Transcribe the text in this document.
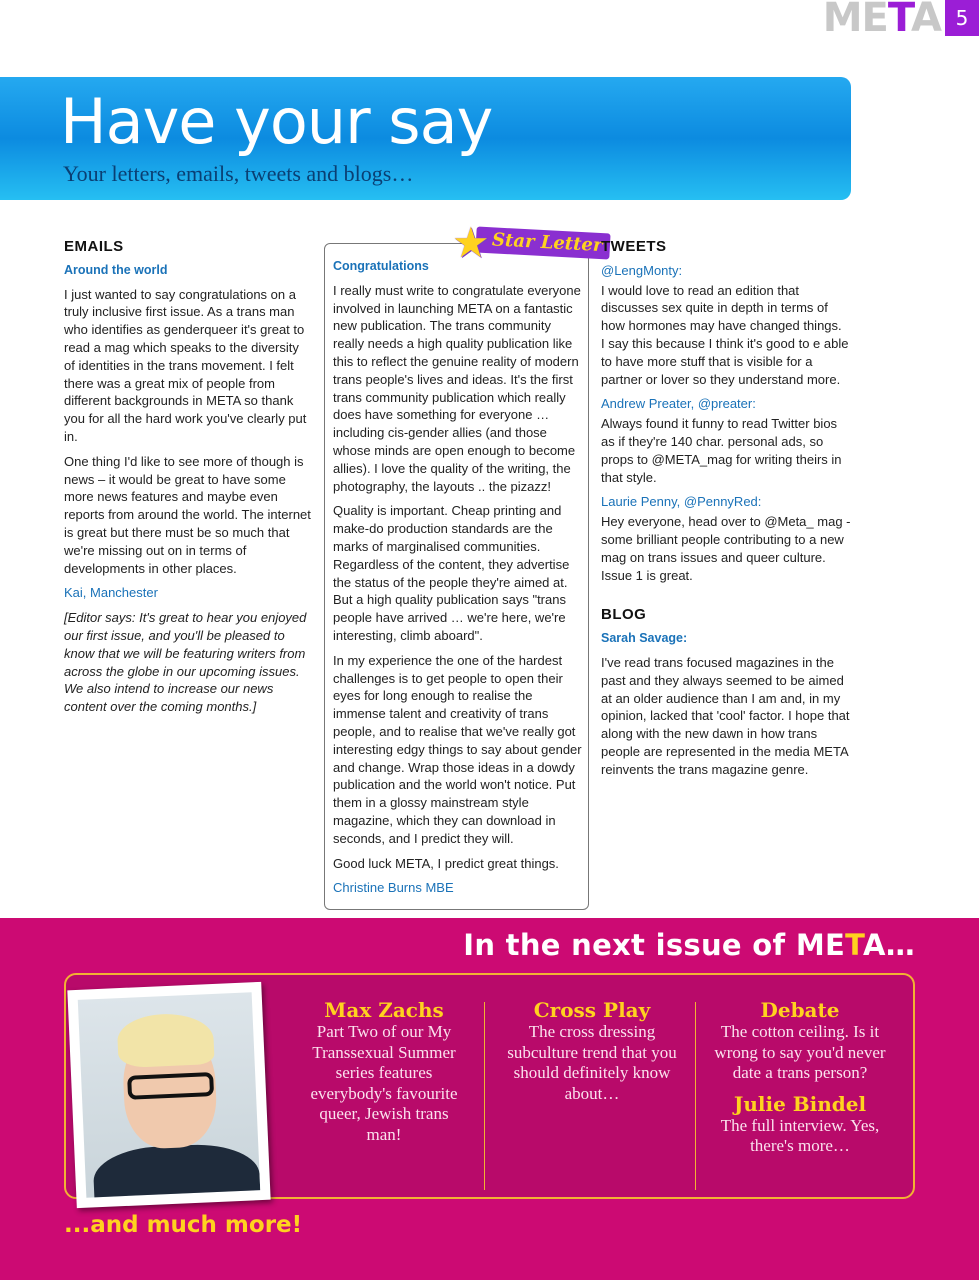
META 5
Have your say

Your letters, emails, tweets and blogs…

EMAILS
Around the world

I just wanted to say congratulations on a truly inclusive first issue. As a trans man who identifies as genderqueer it's great to read a mag which speaks to the diversity of identities in the trans movement. I felt there was a great mix of people from different backgrounds in META so thank you for all the hard work you've clearly put in.

One thing I'd like to see more of though is news – it would be great to have some more news features and maybe even reports from around the world. The internet is great but there must be so much that we're missing out on in terms of developments in other places.

Kai, Manchester

[Editor says: It's great to hear you enjoyed our first issue, and you'll be pleased to know that we will be featuring writers from across the globe in our upcoming issues. We also intend to increase our news content over the coming months.]

★ Star Letter
Congratulations

I really must write to congratulate everyone involved in launching META on a fantastic new publication. The trans community really needs a high quality publication like this to reflect the genuine reality of modern trans people's lives and ideas. It's the first trans community publication which really does have something for everyone … including cis-gender allies (and those whose minds are open enough to become allies). I love the quality of the writing, the photography, the layouts .. the pizazz!

Quality is important. Cheap printing and make-do production standards are the marks of marginalised communities. Regardless of the content, they advertise the status of the people they're aimed at. But a high quality publication says "trans people have arrived … we're here, we're interesting, climb aboard".

In my experience the one of the hardest challenges is to get people to open their eyes for long enough to realise the immense talent and creativity of trans people, and to realise that we've really got interesting edgy things to say about gender and change. Wrap those ideas in a dowdy publication and the world won't notice. Put them in a glossy mainstream style magazine, which they can download in seconds, and I predict they will.

Good luck META, I predict great things.

Christine Burns MBE

TWEETS
@LengMonty:

I would love to read an edition that discusses sex quite in depth in terms of how hormones may have changed things.

I say this because I think it's good to e able to have more stuff that is visible for a partner or lover so they understand more.

Andrew Preater, @preater:

Always found it funny to read Twitter bios as if they're 140 char. personal ads, so props to @META_mag for writing theirs in that style.

Laurie Penny, @PennyRed:

Hey everyone, head over to @Meta_ mag - some brilliant people contributing to a new mag on trans issues and queer culture. Issue 1 is great.

BLOG
Sarah Savage:

I've read trans focused magazines in the past and they always seemed to be aimed at an older audience than I am and, in my opinion, lacked that 'cool' factor. I hope that along with the new dawn in how trans people are represented in the media META reinvents the trans magazine genre.

In the next issue of META…
Max Zachs
Part Two of our My Transsexual Summer series features everybody's favourite queer, Jewish trans man!
Cross Play
The cross dressing subculture trend that you should definitely know about…
Debate
The cotton ceiling. Is it wrong to say you'd never date a trans person?
Julie Bindel
The full interview. Yes, there's more…
...and much more!
